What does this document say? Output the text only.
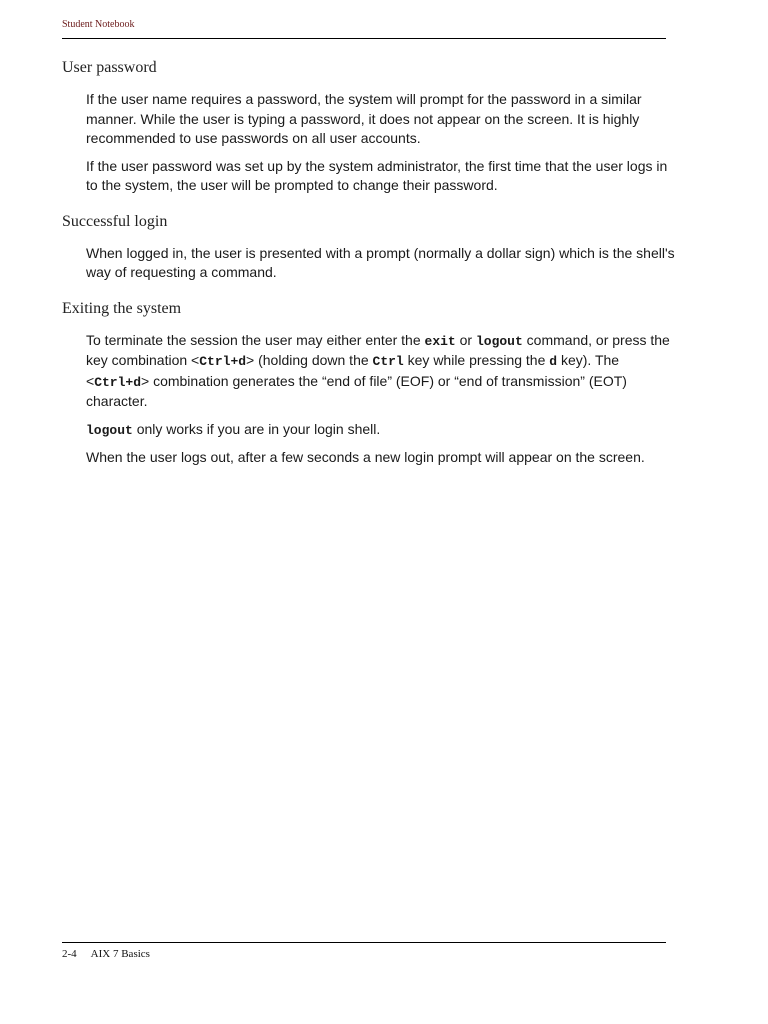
Student Notebook
User password

If the user name requires a password, the system will prompt for the password in a similar manner. While the user is typing a password, it does not appear on the screen. It is highly recommended to use passwords on all user accounts.

If the user password was set up by the system administrator, the first time that the user logs in to the system, the user will be prompted to change their password.

Successful login

When logged in, the user is presented with a prompt (normally a dollar sign) which is the shell's way of requesting a command.

Exiting the system

To terminate the session the user may either enter the exit or logout command, or press the key combination <Ctrl+d> (holding down the Ctrl key while pressing the d key). The <Ctrl+d> combination generates the “end of file” (EOF) or “end of transmission” (EOT) character.

logout only works if you are in your login shell.

When the user logs out, after a few seconds a new login prompt will appear on the screen.

2-4 AIX 7 Basics
